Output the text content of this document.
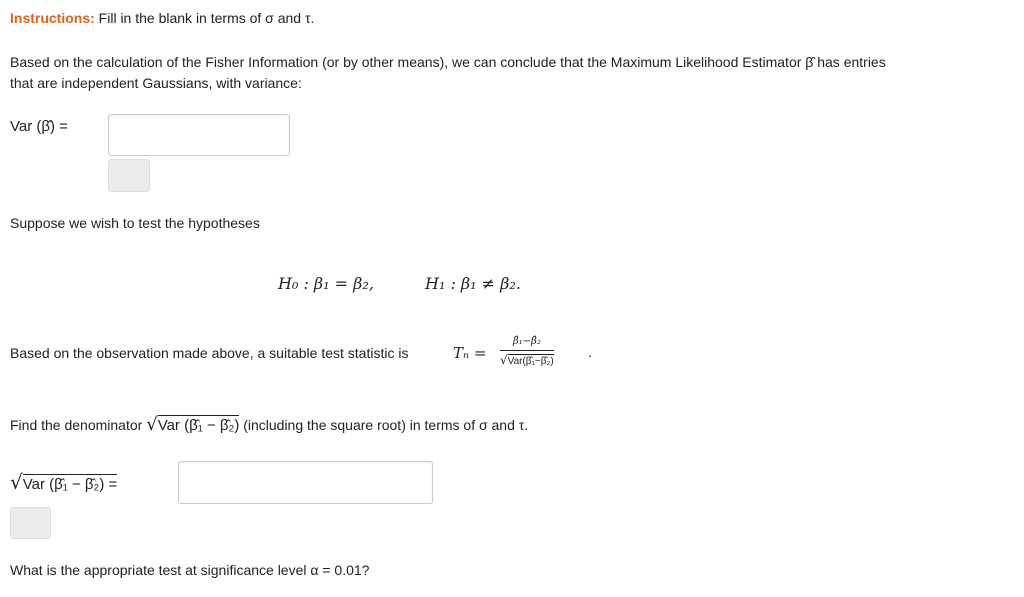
Instructions: Fill in the blank in terms of σ and τ.
Based on the calculation of the Fisher Information (or by other means), we can conclude that the Maximum Likelihood Estimator β̂ has entries
that are independent Gaussians, with variance:
Var (β̂) =
Suppose we wish to test the hypotheses
H₀ : β₁ = β₂,	H₁ : β₁ ≠ β₂.
Based on the observation made above, a suitable test statistic is	Tₙ =
β̂₁−β̂₂
√Var(β̂₁−β̂₂)
.
Find the denominator √Var (β̂₁ − β̂₂) (including the square root) in terms of σ and τ.
√Var (β̂₁ − β̂₂) =
What is the appropriate test at significance level α = 0.01?
